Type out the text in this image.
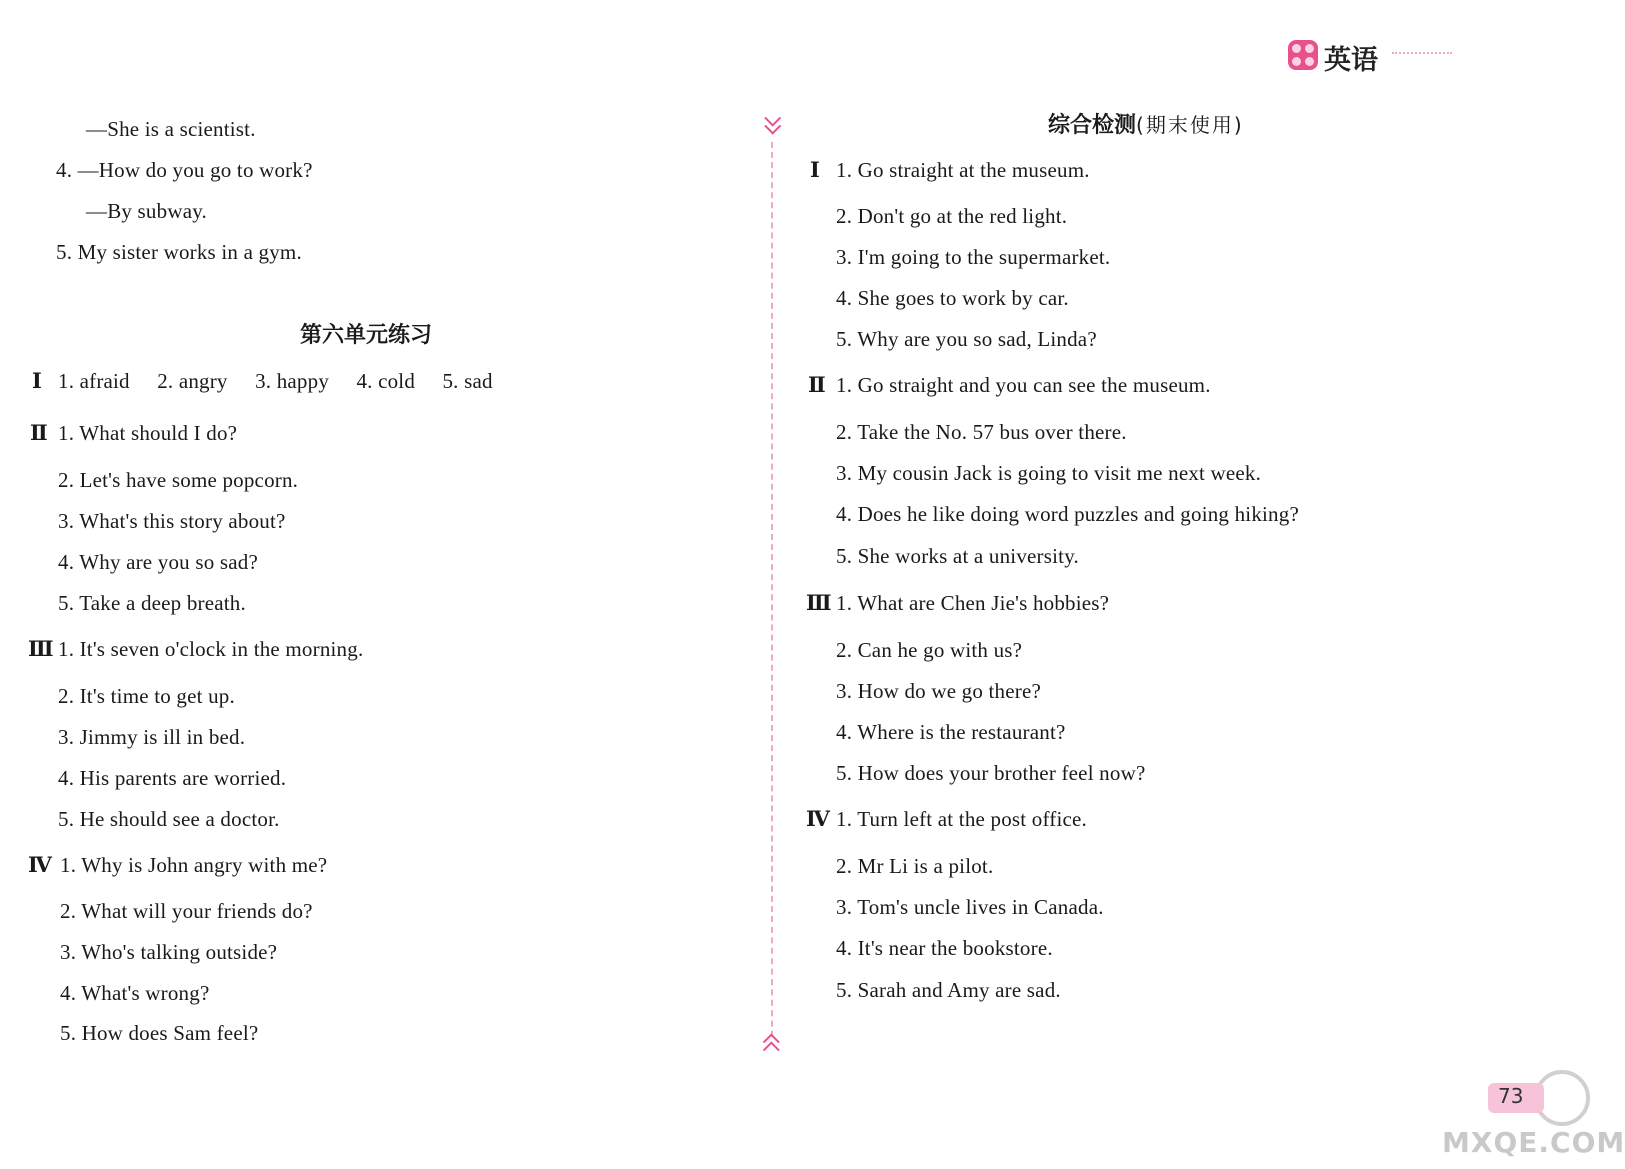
英语
—She is a scientist.
4. —How do you go to work?
—By subway.
5. My sister works in a gym.
第六单元练习
Ⅰ 1. afraid 2. angry 3. happy 4. cold 5. sad
Ⅱ 1. What should I do?
2. Let's have some popcorn.
3. What's this story about?
4. Why are you so sad?
5. Take a deep breath.
Ⅲ 1. It's seven o'clock in the morning.
2. It's time to get up.
3. Jimmy is ill in bed.
4. His parents are worried.
5. He should see a doctor.
Ⅳ 1. Why is John angry with me?
2. What will your friends do?
3. Who's talking outside?
4. What's wrong?
5. How does Sam feel?
综合检测(期末使用)
Ⅰ 1. Go straight at the museum.
2. Don't go at the red light.
3. I'm going to the supermarket.
4. She goes to work by car.
5. Why are you so sad, Linda?
Ⅱ 1. Go straight and you can see the museum.
2. Take the No. 57 bus over there.
3. My cousin Jack is going to visit me next week.
4. Does he like doing word puzzles and going hiking?
5. She works at a university.
Ⅲ 1. What are Chen Jie's hobbies?
2. Can he go with us?
3. How do we go there?
4. Where is the restaurant?
5. How does your brother feel now?
Ⅳ 1. Turn left at the post office.
2. Mr Li is a pilot.
3. Tom's uncle lives in Canada.
4. It's near the bookstore.
5. Sarah and Amy are sad.
MXQE.COM
73
